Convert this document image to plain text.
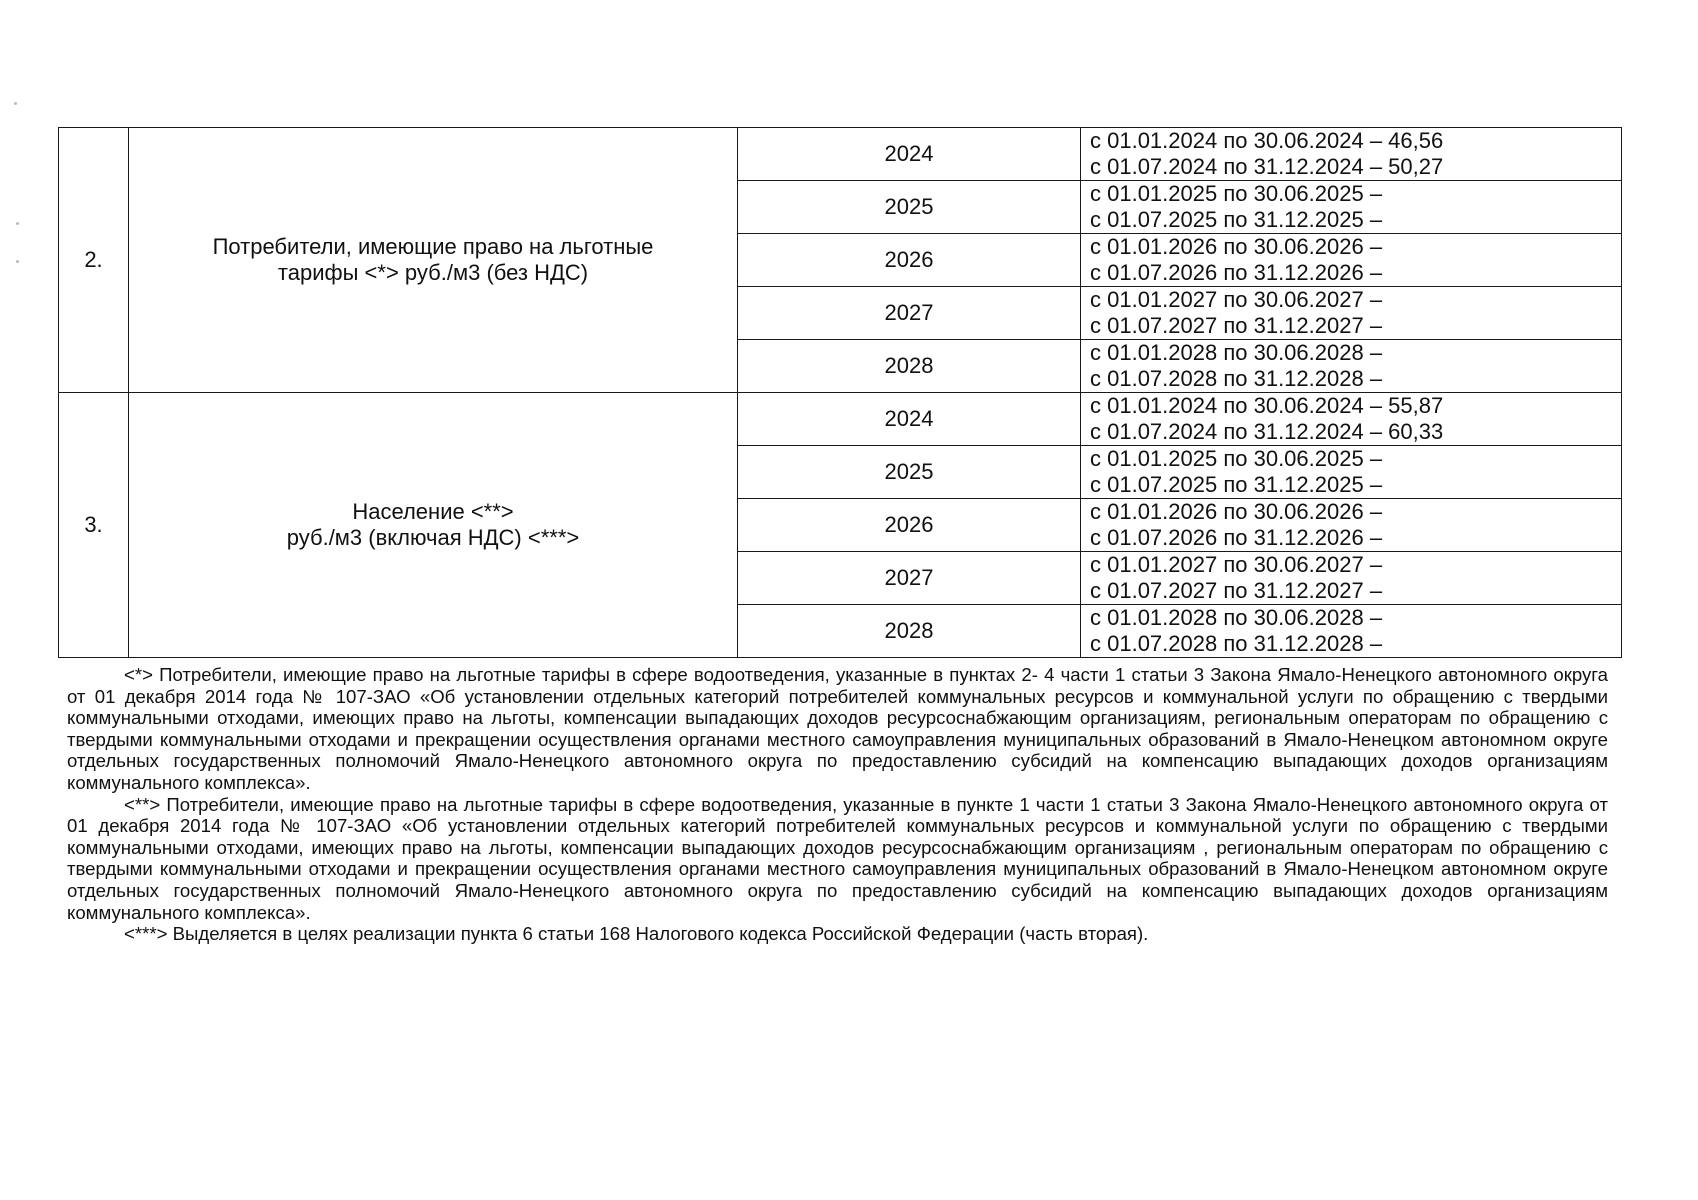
2.	Потребители, имеющие право на льготные
тарифы <*> руб./м3 (без НДС)	2024	с 01.01.2024 по 30.06.2024 – 46,56
с 01.07.2024 по 31.12.2024 – 50,27

		2025	с 01.01.2025 по 30.06.2025 –
с 01.07.2025 по 31.12.2025 –

		2026	с 01.01.2026 по 30.06.2026 –
с 01.07.2026 по 31.12.2026 –

		2027	с 01.01.2027 по 30.06.2027 –
с 01.07.2027 по 31.12.2027 –

		2028	с 01.01.2028 по 30.06.2028 –
с 01.07.2028 по 31.12.2028 –

3.	Население <**>
руб./м3 (включая НДС) <***>	2024	с 01.01.2024 по 30.06.2024 – 55,87
с 01.07.2024 по 31.12.2024 – 60,33

		2025	с 01.01.2025 по 30.06.2025 –
с 01.07.2025 по 31.12.2025 –

		2026	с 01.01.2026 по 30.06.2026 –
с 01.07.2026 по 31.12.2026 –

		2027	с 01.01.2027 по 30.06.2027 –
с 01.07.2027 по 31.12.2027 –

		2028	с 01.01.2028 по 30.06.2028 –
с 01.07.2028 по 31.12.2028 –

<*> Потребители, имеющие право на льготные тарифы в сфере водоотведения, указанные в пунктах 2- 4 части 1 статьи 3 Закона Ямало-Ненецкого автономного округа от 01 декабря 2014 года № 107-ЗАО «Об установлении отдельных категорий потребителей коммунальных ресурсов и коммунальной услуги по обращению с твердыми коммунальными отходами, имеющих право на льготы, компенсации выпадающих доходов ресурсоснабжающим организациям, региональным операторам по обращению с твердыми коммунальными отходами и прекращении осуществления органами местного самоуправления муниципальных образований в Ямало-Ненецком автономном округе отдельных государственных полномочий Ямало-Ненецкого автономного округа по предоставлению субсидий на компенсацию выпадающих доходов организациям коммунального комплекса».

<**> Потребители, имеющие право на льготные тарифы в сфере водоотведения, указанные в пункте 1 части 1 статьи 3 Закона Ямало-Ненецкого автономного округа от 01 декабря 2014 года № 107-ЗАО «Об установлении отдельных категорий потребителей коммунальных ресурсов и коммунальной услуги по обращению с твердыми коммунальными отходами, имеющих право на льготы, компенсации выпадающих доходов ресурсоснабжающим организациям , региональным операторам по обращению с твердыми коммунальными отходами и прекращении осуществления органами местного самоуправления муниципальных образований в Ямало-Ненецком автономном округе отдельных государственных полномочий Ямало-Ненецкого автономного округа по предоставлению субсидий на компенсацию выпадающих доходов организациям коммунального комплекса».

<***> Выделяется в целях реализации пункта 6 статьи 168 Налогового кодекса Российской Федерации (часть вторая).
